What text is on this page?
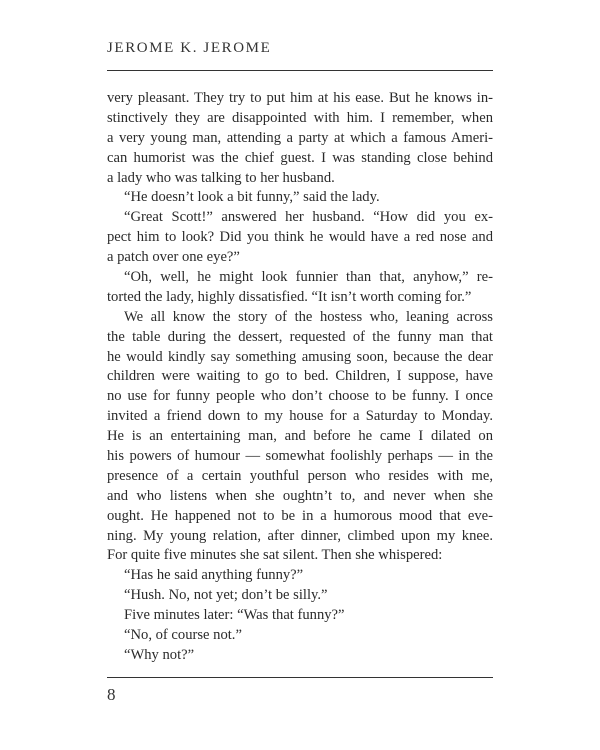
JEROME K. JEROME
very pleasant. They try to put him at his ease. But he knows in-
stinctively they are disappointed with him. I remember, when
a very young man, attending a party at which a famous Ameri-
can humorist was the chief guest. I was standing close behind
a lady who was talking to her husband.
“He doesn’t look a bit funny,” said the lady.
“Great Scott!” answered her husband. “How did you ex-
pect him to look? Did you think he would have a red nose and
a patch over one eye?”
“Oh, well, he might look funnier than that, anyhow,” re-
torted the lady, highly dissatisfied. “It isn’t worth coming for.”
We all know the story of the hostess who, leaning across
the table during the dessert, requested of the funny man that
he would kindly say something amusing soon, because the dear
children were waiting to go to bed. Children, I suppose, have
no use for funny people who don’t choose to be funny. I once
invited a friend down to my house for a Saturday to Monday.
He is an entertaining man, and before he came I dilated on
his powers of humour — somewhat foolishly perhaps — in the
presence of a certain youthful person who resides with me,
and who listens when she oughtn’t to, and never when she
ought. He happened not to be in a humorous mood that eve-
ning. My young relation, after dinner, climbed upon my knee.
For quite five minutes she sat silent. Then she whispered:
“Has he said anything funny?”
“Hush. No, not yet; don’t be silly.”
Five minutes later: “Was that funny?”
“No, of course not.”
“Why not?”
8
